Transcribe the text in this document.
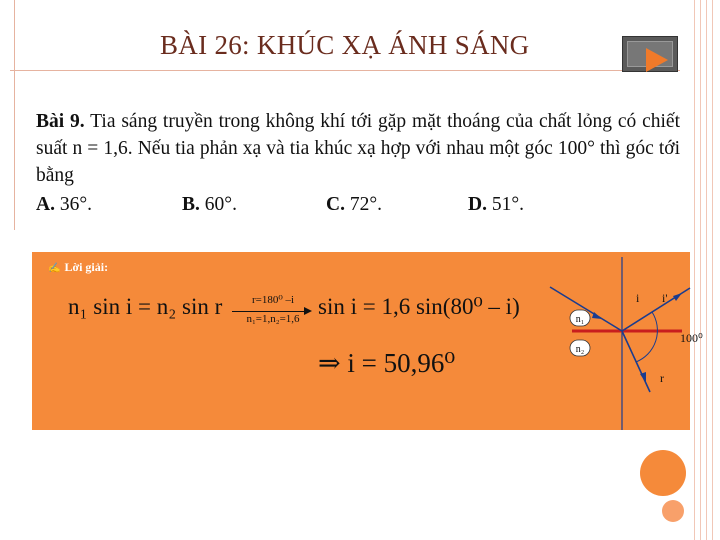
BÀI 26: KHÚC XẠ ÁNH SÁNG
Bài 9. Tia sáng truyền trong không khí tới gặp mặt thoáng của chất lỏng có chiết suất n = 1,6. Nếu tia phản xạ và tia khúc xạ hợp với nhau một góc 100° thì góc tới bằng
A. 36°.	B. 60°.	C. 72°.	D. 51°.
✍ Lời giải:
n₁ sin i = n₂ sin r	r=180⁰ –i
n₁=1,n₂=1,6 sin i = 1,6 sin(80⁰ – i)
⇒ i = 50,96⁰
n₁
n₂
i i'
r
100⁰
